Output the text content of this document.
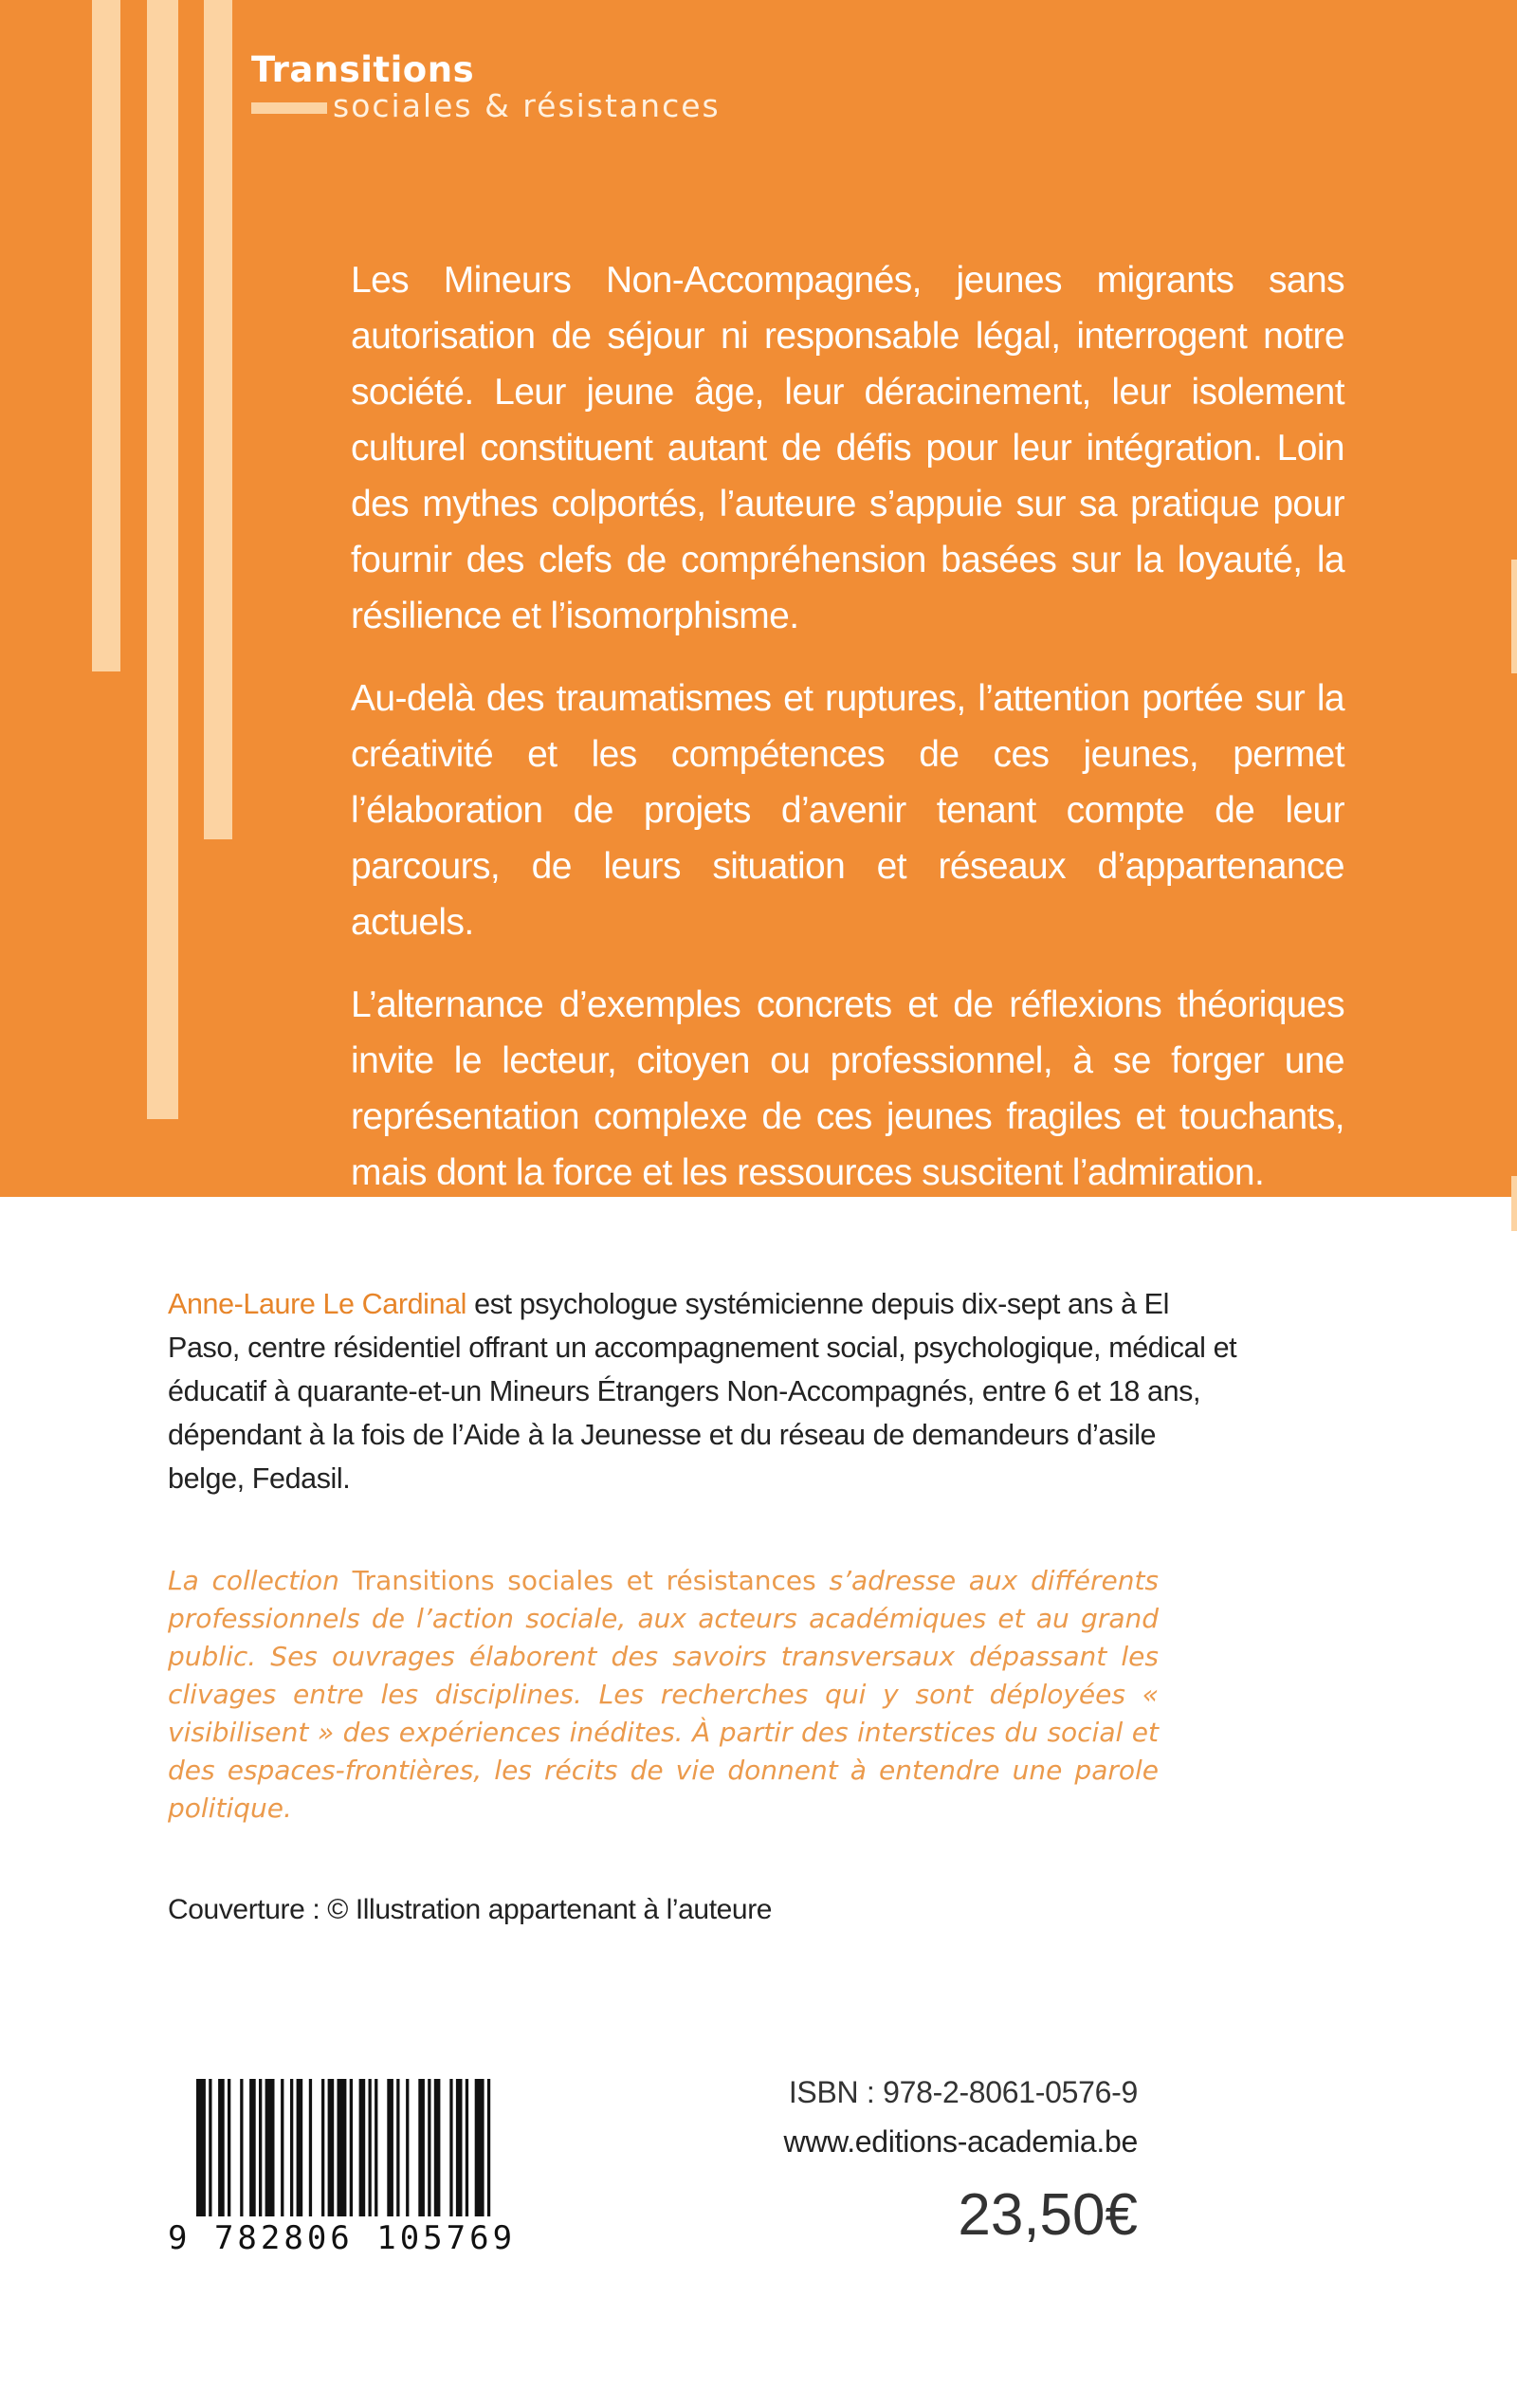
Transitions
sociales & résistances

Les Mineurs Non-Accompagnés, jeunes migrants sans autorisation de séjour ni responsable légal, interrogent notre société. Leur jeune âge, leur déracinement, leur isolement culturel constituent autant de défis pour leur intégration. Loin des mythes colportés, l’auteure s’appuie sur sa pratique pour fournir des clefs de compréhension basées sur la loyauté, la résilience et l’isomorphisme.

Au-delà des traumatismes et ruptures, l’attention portée sur la créativité et les compétences de ces jeunes, permet l’élaboration de projets d’avenir tenant compte de leur parcours, de leurs situation et réseaux d’appartenance actuels.

L’alternance d’exemples concrets et de réflexions théoriques invite le lecteur, citoyen ou professionnel, à se forger une représentation complexe de ces jeunes fragiles et touchants, mais dont la force et les ressources suscitent l’admiration.

Anne-Laure Le Cardinal est psychologue systémicienne depuis dix-sept ans à El Paso, centre résidentiel offrant un accompagnement social, psychologique, médical et éducatif à quarante-et-un Mineurs Étrangers Non-Accompagnés, entre 6 et 18 ans, dépendant à la fois de l’Aide à la Jeunesse et du réseau de demandeurs d’asile belge, Fedasil.
La collection Transitions sociales et résistances s’adresse aux différents professionnels de l’action sociale, aux acteurs académiques et au grand public. Ses ouvrages élaborent des savoirs transversaux dépassant les clivages entre les disciplines. Les recherches qui y sont déployées « visibilisent » des expériences inédites. À partir des interstices du social et des espaces-frontières, les récits de vie donnent à entendre une parole politique.
Couverture : © Illustration appartenant à l’auteure
9 782806 105769
ISBN : 978-2-8061-0576-9
www.editions-academia.be
23,50€
